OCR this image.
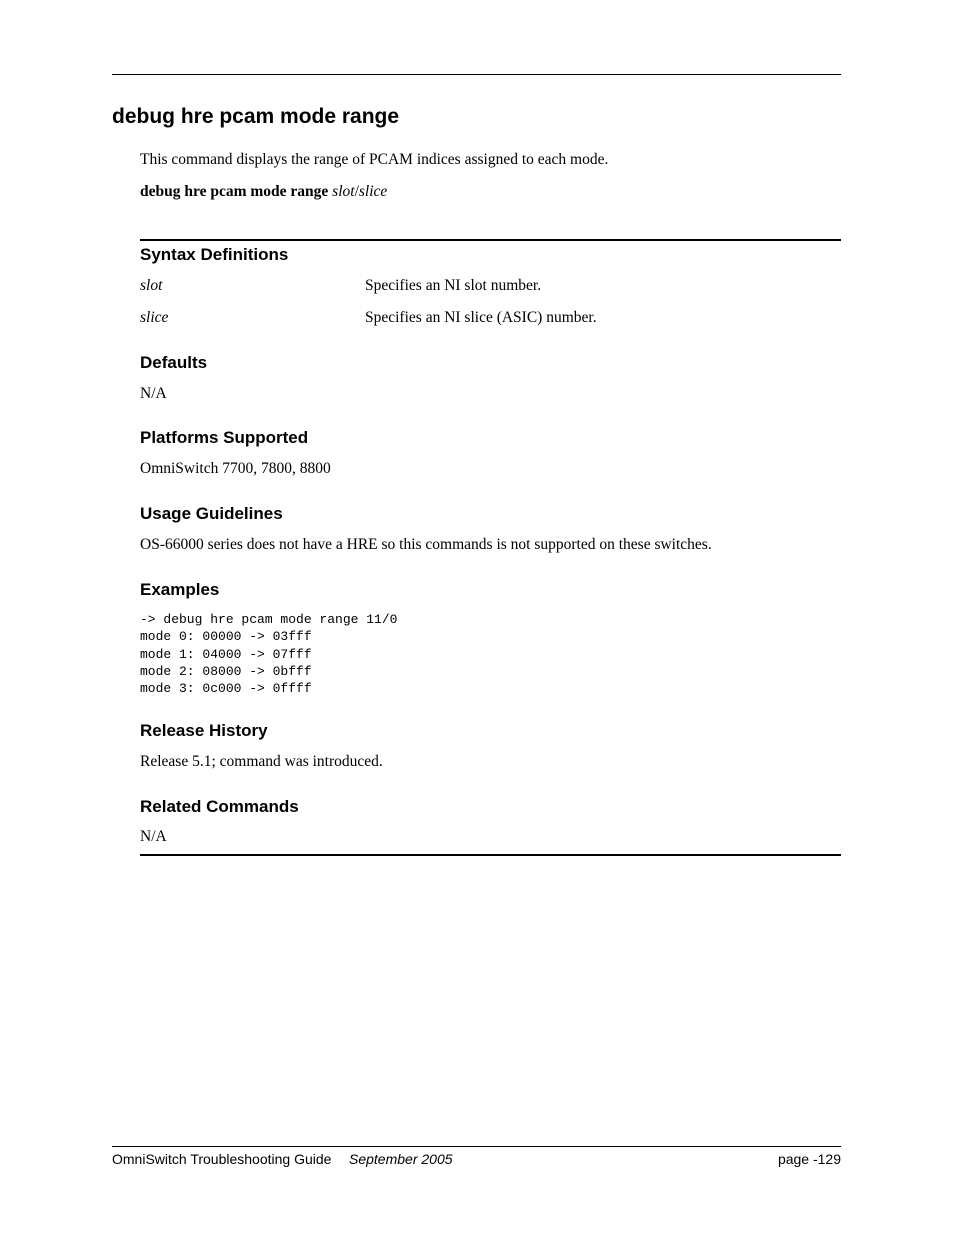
debug hre pcam mode range
This command displays the range of PCAM indices assigned to each mode.
debug hre pcam mode range slot/slice
Syntax Definitions
slot	Specifies an NI slot number.
slice	Specifies an NI slice (ASIC) number.
Defaults
N/A
Platforms Supported
OmniSwitch 7700, 7800, 8800
Usage Guidelines
OS-66000 series does not have a HRE so this commands is not supported on these switches.
Examples
-> debug hre pcam mode range 11/0
mode 0: 00000 -> 03fff
mode 1: 04000 -> 07fff
mode 2: 08000 -> 0bfff
mode 3: 0c000 -> 0ffff
Release History
Release 5.1; command was introduced.
Related Commands
N/A
OmniSwitch Troubleshooting Guide September 2005	page -129
